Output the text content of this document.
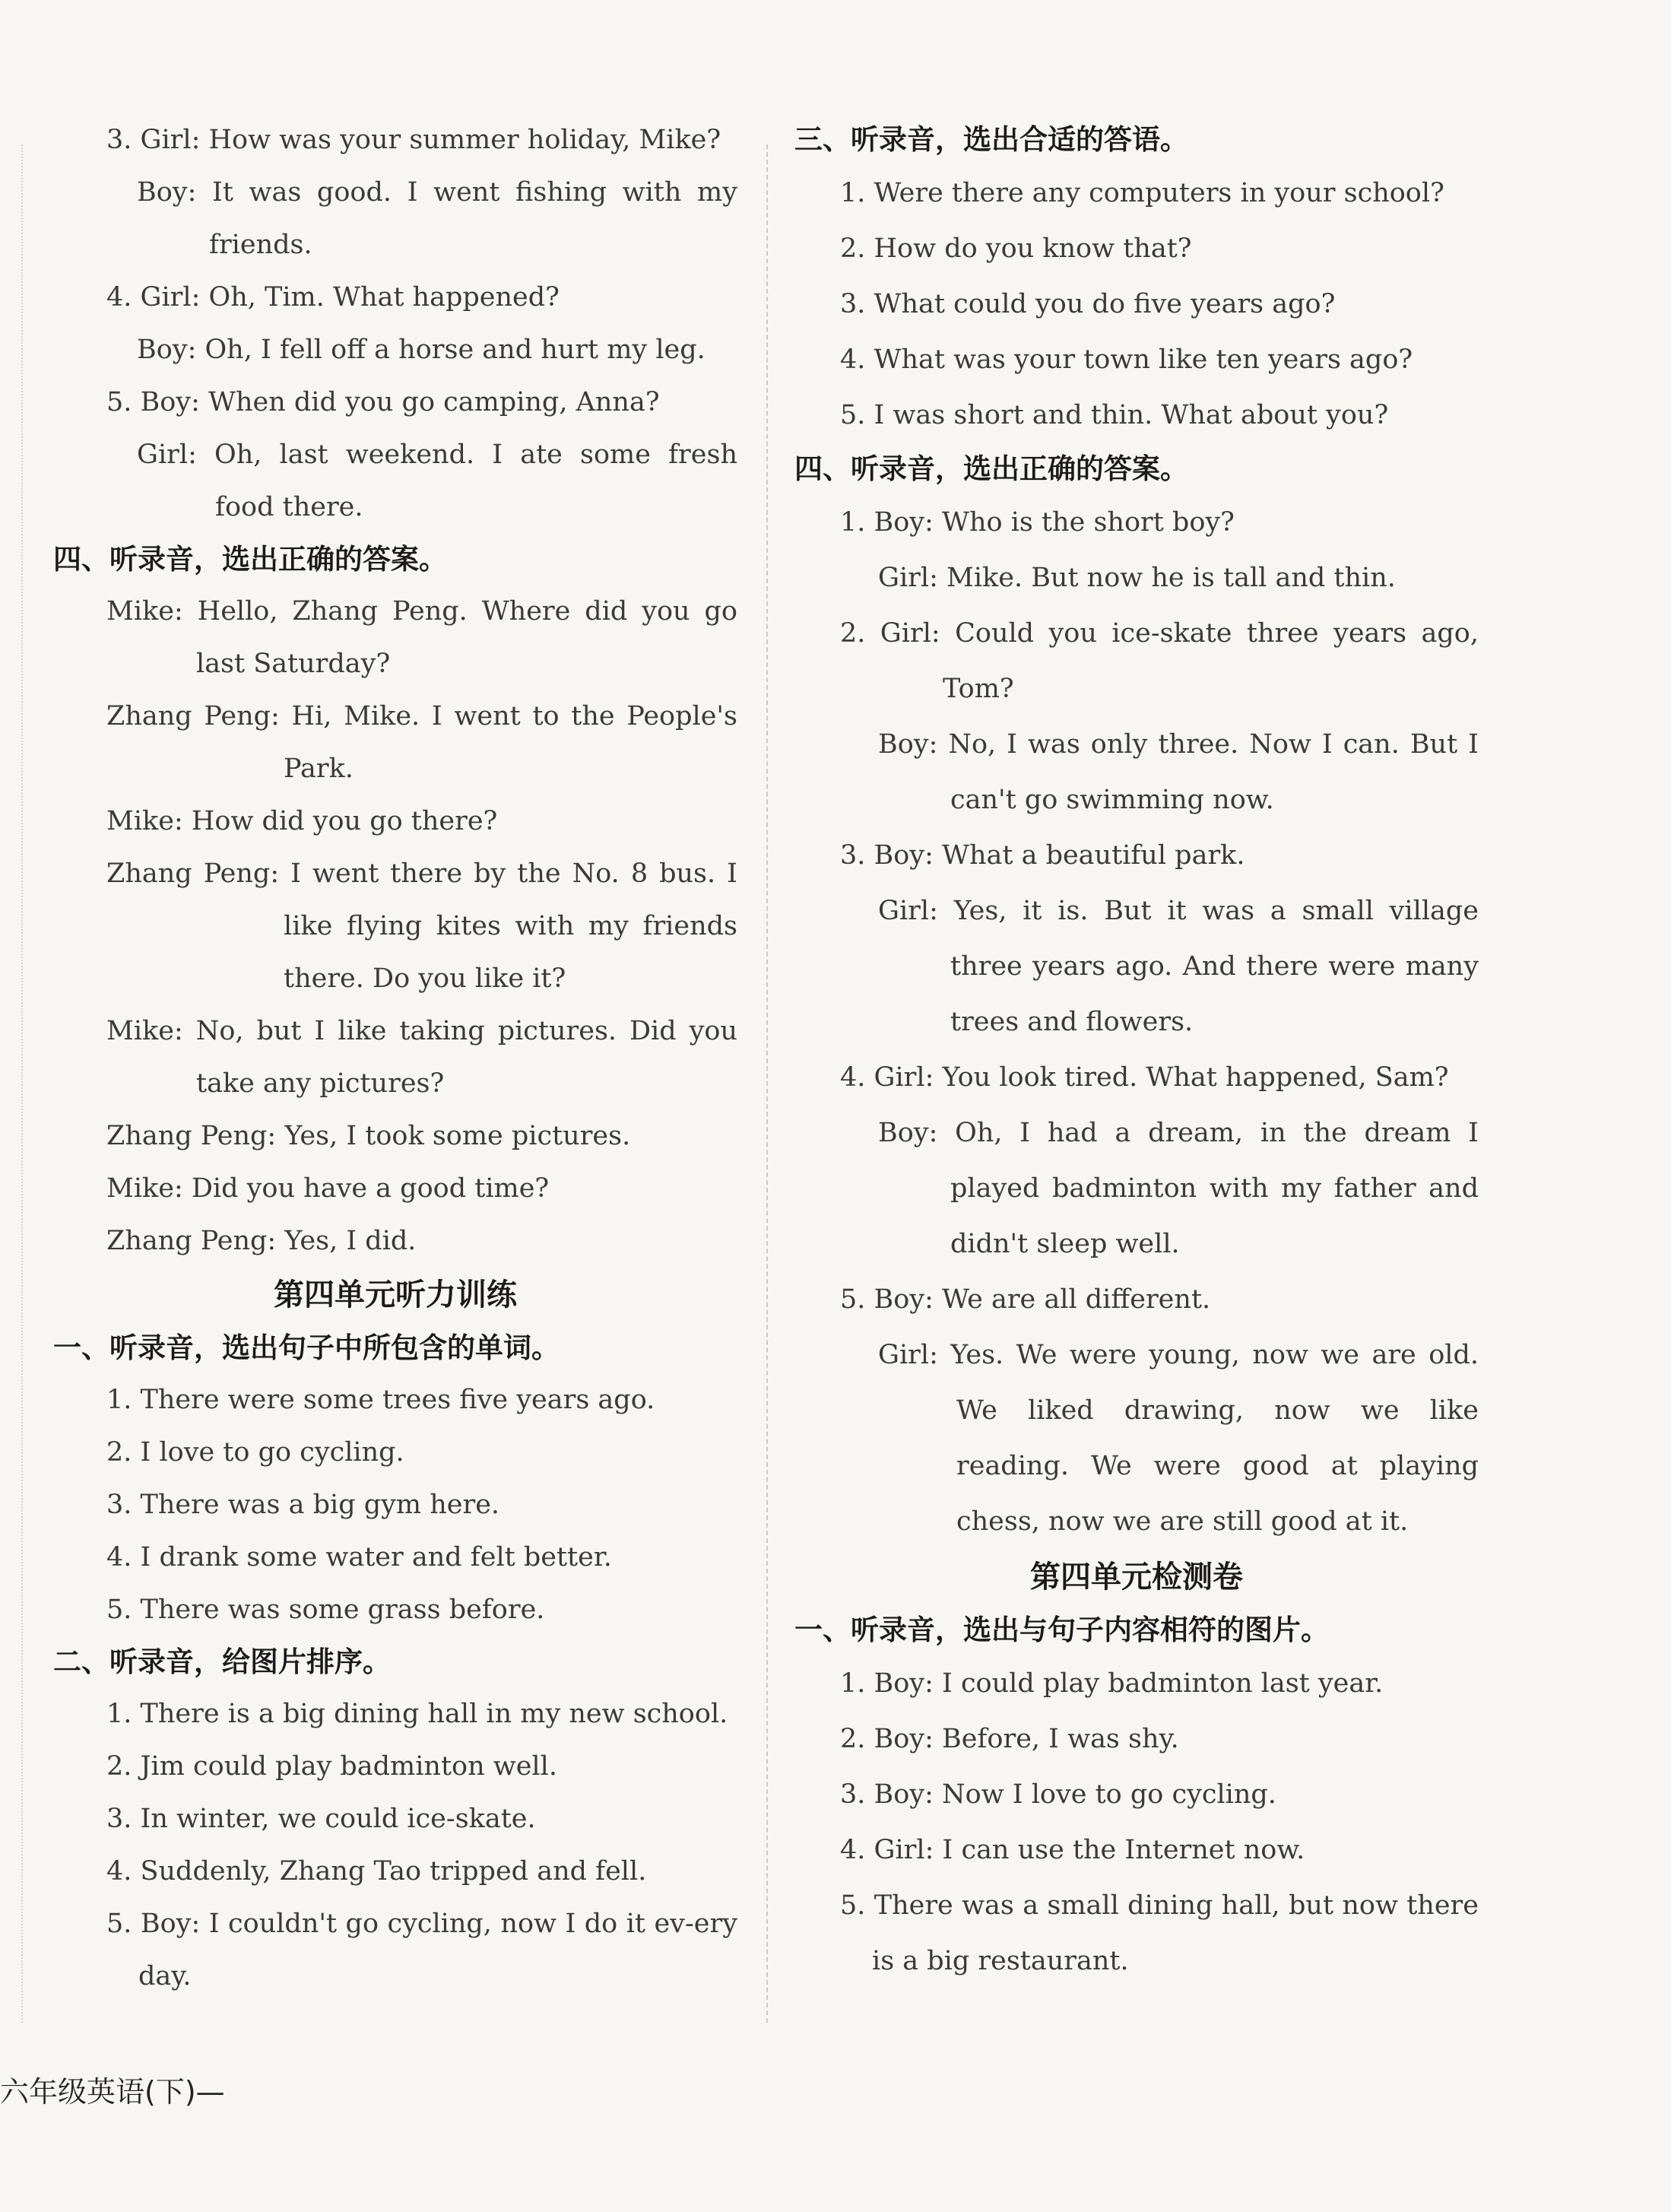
3. Girl: How was your summer holiday, Mike?
Boy: It was good. I went fishing with my friends.
4. Girl: Oh, Tim. What happened?
Boy: Oh, I fell off a horse and hurt my leg.
5. Boy: When did you go camping, Anna?
Girl: Oh, last weekend. I ate some fresh food there.
四、听录音，选出正确的答案。
Mike: Hello, Zhang Peng. Where did you go last Saturday?
Zhang Peng: Hi, Mike. I went to the People's Park.
Mike: How did you go there?
Zhang Peng: I went there by the No. 8 bus. I like flying kites with my friends there. Do you like it?
Mike: No, but I like taking pictures. Did you take any pictures?
Zhang Peng: Yes, I took some pictures.
Mike: Did you have a good time?
Zhang Peng: Yes, I did.
第四单元听力训练
一、听录音，选出句子中所包含的单词。
1. There were some trees five years ago.
2. I love to go cycling.
3. There was a big gym here.
4. I drank some water and felt better.
5. There was some grass before.
二、听录音，给图片排序。
1. There is a big dining hall in my new school.
2. Jim could play badminton well.
3. In winter, we could ice-skate.
4. Suddenly, Zhang Tao tripped and fell.
5. Boy: I couldn't go cycling, now I do it ev-ery day.
三、听录音，选出合适的答语。
1. Were there any computers in your school?
2. How do you know that?
3. What could you do five years ago?
4. What was your town like ten years ago?
5. I was short and thin. What about you?
四、听录音，选出正确的答案。
1. Boy: Who is the short boy?
Girl: Mike. But now he is tall and thin.
2. Girl: Could you ice-skate three years ago, Tom?
Boy: No, I was only three. Now I can. But I can't go swimming now.
3. Boy: What a beautiful park.
Girl: Yes, it is. But it was a small village three years ago. And there were many trees and flowers.
4. Girl: You look tired. What happened, Sam?
Boy: Oh, I had a dream, in the dream I played badminton with my father and didn't sleep well.
5. Boy: We are all different.
Girl: Yes. We were young, now we are old. We liked drawing, now we like reading. We were good at playing chess, now we are still good at it.
第四单元检测卷
一、听录音，选出与句子内容相符的图片。
1. Boy: I could play badminton last year.
2. Boy: Before, I was shy.
3. Boy: Now I love to go cycling.
4. Girl: I can use the Internet now.
5. There was a small dining hall, but now there is a big restaurant.
六年级英语(下)—
